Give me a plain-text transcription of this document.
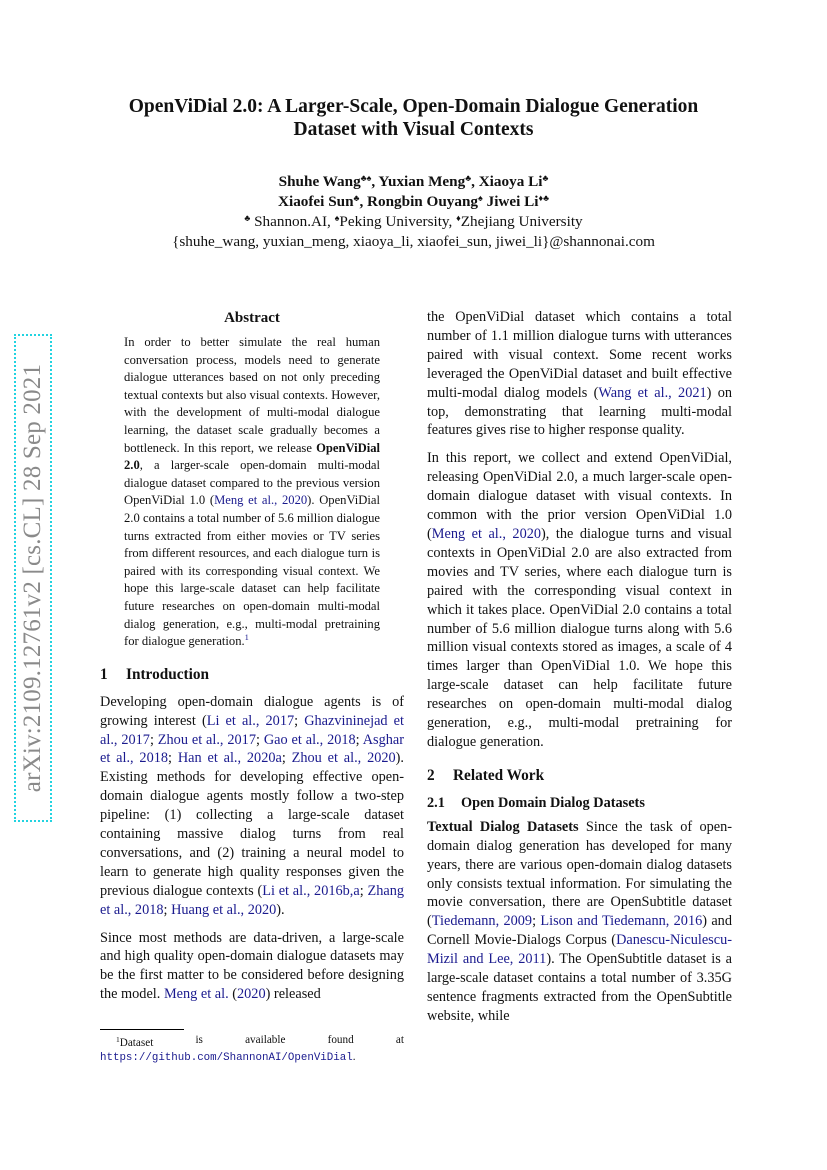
arXiv:2109.12761v2 [cs.CL] 28 Sep 2021
OpenViDial 2.0: A Larger-Scale, Open-Domain Dialogue Generation
Dataset with Visual Contexts
Shuhe Wang♣♠, Yuxian Meng♣, Xiaoya Li♣
Xiaofei Sun♣, Rongbin Ouyang♠ Jiwei Li♦♣
♣ Shannon.AI, ♠Peking University, ♦Zhejiang University
{shuhe_wang, yuxian_meng, xiaoya_li, xiaofei_sun, jiwei_li}@shannonai.com
Abstract
In order to better simulate the real human conversation process, models need to generate dialogue utterances based on not only preceding textual contexts but also visual contexts. However, with the development of multi-modal dialogue learning, the dataset scale gradually becomes a bottleneck. In this report, we release OpenViDial 2.0, a larger-scale open-domain multi-modal dialogue dataset compared to the previous version OpenViDial 1.0 (Meng et al., 2020). OpenViDial 2.0 contains a total number of 5.6 million dialogue turns extracted from either movies or TV series from different resources, and each dialogue turn is paired with its corresponding visual context. We hope this large-scale dataset can help facilitate future researches on open-domain multi-modal dialog generation, e.g., multi-modal pretraining for dialogue generation.$^1$
1 Introduction

Developing open-domain dialogue agents is of growing interest (Li et al., 2017; Ghazvininejad et al., 2017; Zhou et al., 2017; Gao et al., 2018; Asghar et al., 2018; Han et al., 2020a; Zhou et al., 2020). Existing methods for developing effective open-domain dialogue agents mostly follow a two-step pipeline: (1) collecting a large-scale dataset containing massive dialog turns from real conversations, and (2) training a neural model to learn to generate high quality responses given the previous dialogue contexts (Li et al., 2016b,a; Zhang et al., 2018; Huang et al., 2020).

Since most methods are data-driven, a large-scale and high quality open-domain dialogue datasets may be the first matter to be considered before designing the model. Meng et al. (2020) released

$^1$Dataset	is	available	found	at
https://github.com/ShannonAI/OpenViDial.

the OpenViDial dataset which contains a total number of 1.1 million dialogue turns with utterances paired with visual context. Some recent works leveraged the OpenViDial dataset and built effective multi-modal dialog models (Wang et al., 2021) on top, demonstrating that learning multi-modal features gives rise to higher response quality.

In this report, we collect and extend OpenViDial, releasing OpenViDial 2.0, a much larger-scale open-domain dialogue dataset with visual contexts. In common with the prior version OpenViDial 1.0 (Meng et al., 2020), the dialogue turns and visual contexts in OpenViDial 2.0 are also extracted from movies and TV series, where each dialogue turn is paired with the corresponding visual context in which it takes place. OpenViDial 2.0 contains a total number of 5.6 million dialogue turns along with 5.6 million visual contexts stored as images, a scale of 4 times larger than OpenViDial 1.0. We hope this large-scale dataset can help facilitate future researches on open-domain multi-modal dialog generation, e.g., multi-modal pretraining for dialogue generation.

2 Related Work
2.1 Open Domain Dialog Datasets

Textual Dialog Datasets Since the task of open-domain dialog generation has developed for many years, there are various open-domain dialog datasets only consists textual information. For simulating the movie conversation, there are OpenSubtitle dataset (Tiedemann, 2009; Lison and Tiedemann, 2016) and Cornell Movie-Dialogs Corpus (Danescu-Niculescu-Mizil and Lee, 2011). The OpenSubtitle dataset is a large-scale dataset contains a total number of 3.35G sentence fragments extracted from the OpenSubtitle website, while
